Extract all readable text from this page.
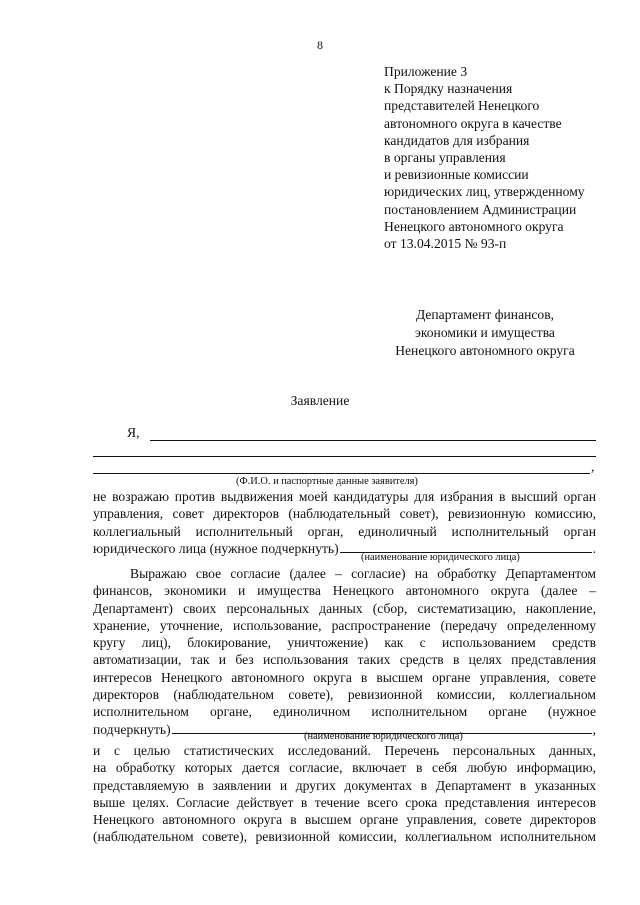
8
Приложение 3
к Порядку назначения
представителей Ненецкого
автономного округа в качестве
кандидатов для избрания
в органы управления
и ревизионные комиссии
юридических лиц, утвержденному
постановлением Администрации
Ненецкого автономного округа
от 13.04.2015 № 93-п
Департамент финансов,
экономики и имущества
Ненецкого автономного округа
Заявление
Я,
,
(Ф.И.О. и паспортные данные заявителя)
не возражаю против выдвижения моей кандидатуры для избрания в высший орган
управления, совет директоров (наблюдательный совет), ревизионную комиссию,
коллегиальный исполнительный орган, единоличный исполнительный орган
юридического лица (нужное подчеркнуть)	.
(наименование юридического лица)
Выражаю свое согласие (далее – согласие) на обработку Департаментом
финансов, экономики и имущества Ненецкого автономного округа (далее –
Департамент) своих персональных данных (сбор, систематизацию, накопление,
хранение, уточнение, использование, распространение (передачу определенному
кругу лиц), блокирование, уничтожение) как с использованием средств
автоматизации, так и без использования таких средств в целях представления
интересов Ненецкого автономного округа в высшем органе управления, совете
директоров (наблюдательном совете), ревизионной комиссии, коллегиальном
исполнительном органе, единоличном исполнительном органе (нужное
подчеркнуть)	,
(наименование юридического лица)
и с целью статистических исследований. Перечень персональных данных,
на обработку которых дается согласие, включает в себя любую информацию,
представляемую в заявлении и других документах в Департамент в указанных
выше целях. Согласие действует в течение всего срока представления интересов
Ненецкого автономного округа в высшем органе управления, совете директоров
(наблюдательном совете), ревизионной комиссии, коллегиальном исполнительном
